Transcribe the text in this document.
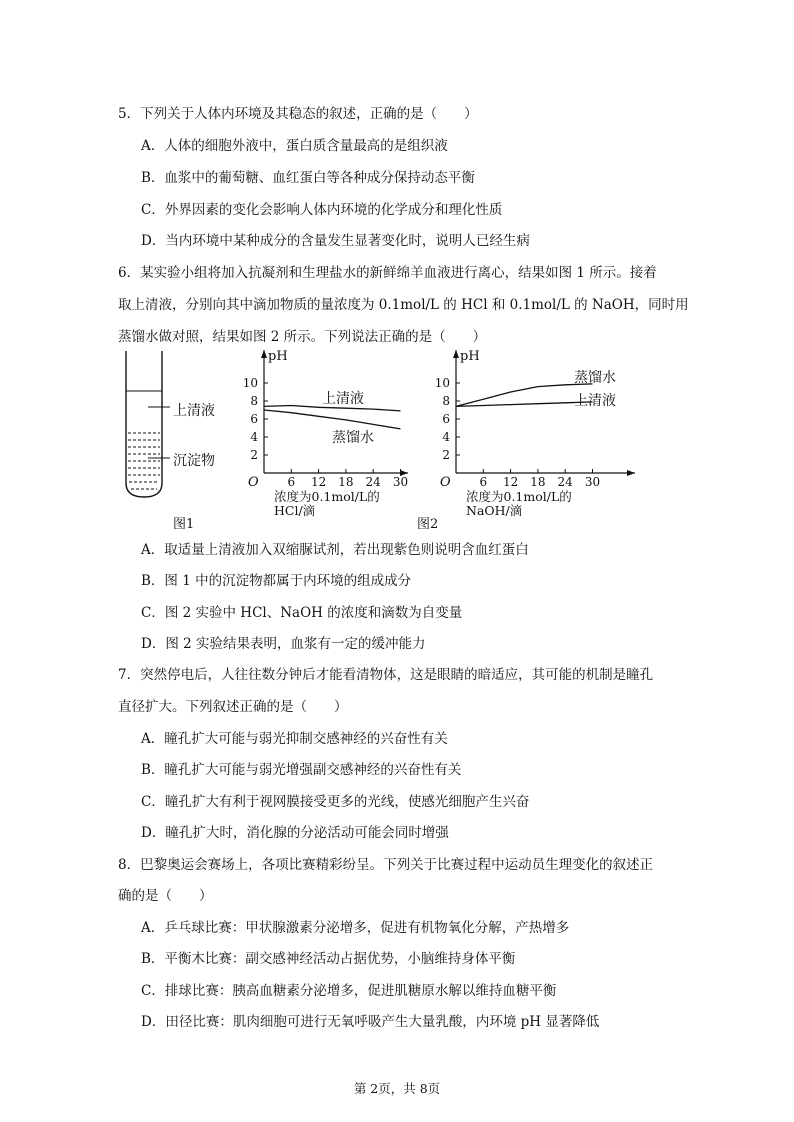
5．下列关于人体内环境及其稳态的叙述，正确的是（　　）
A．人体的细胞外液中，蛋白质含量最高的是组织液
B．血浆中的葡萄糖、血红蛋白等各种成分保持动态平衡
C．外界因素的变化会影响人体内环境的化学成分和理化性质
D．当内环境中某种成分的含量发生显著变化时，说明人已经生病
6．某实验小组将加入抗凝剂和生理盐水的新鲜绵羊血液进行离心，结果如图 1 所示。接着
取上清液，分别向其中滴加物质的量浓度为 0.1mol/L 的 HCl 和 0.1mol/L 的 NaOH，同时用
蒸馏水做对照，结果如图 2 所示。下列说法正确的是（　　）
上清液
沉淀物
图1
pH
O
2
4
6
8
10
6 12 18 24 30
浓度为0.1mol/L的
HCl/滴
上清液
蒸馏水
pH
O
2
4
6
8
10
6 12 18 24 30
浓度为0.1mol/L的
NaOH/滴
蒸馏水
上清液
图2
A．取适量上清液加入双缩脲试剂，若出现紫色则说明含血红蛋白
B．图 1 中的沉淀物都属于内环境的组成成分
C．图 2 实验中 HCl、NaOH 的浓度和滴数为自变量
D．图 2 实验结果表明，血浆有一定的缓冲能力
7．突然停电后，人往往数分钟后才能看清物体，这是眼睛的暗适应，其可能的机制是瞳孔
直径扩大。下列叙述正确的是（　　）
A．瞳孔扩大可能与弱光抑制交感神经的兴奋性有关
B．瞳孔扩大可能与弱光增强副交感神经的兴奋性有关
C．瞳孔扩大有利于视网膜接受更多的光线，使感光细胞产生兴奋
D．瞳孔扩大时，消化腺的分泌活动可能会同时增强
8．巴黎奥运会赛场上，各项比赛精彩纷呈。下列关于比赛过程中运动员生理变化的叙述正
确的是（　　）
A．乒乓球比赛：甲状腺激素分泌增多，促进有机物氧化分解，产热增多
B．平衡木比赛：副交感神经活动占据优势，小脑维持身体平衡
C．排球比赛：胰高血糖素分泌增多，促进肌糖原水解以维持血糖平衡
D．田径比赛：肌肉细胞可进行无氧呼吸产生大量乳酸，内环境 pH 显著降低
第 2页，共 8页
